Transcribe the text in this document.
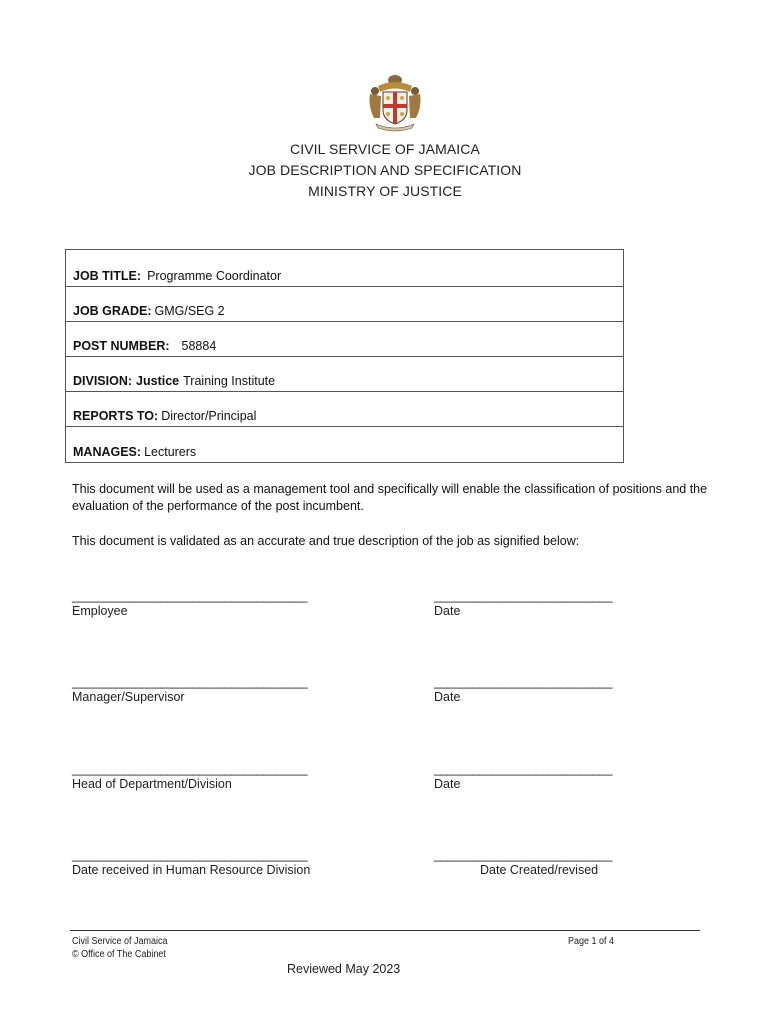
CIVIL SERVICE OF JAMAICA
JOB DESCRIPTION AND SPECIFICATION
MINISTRY OF JUSTICE
JOB TITLE: Programme Coordinator
JOB GRADE: GMG/SEG 2
POST NUMBER: 58884
DIVISION: Justice Training Institute
REPORTS TO: Director/Principal
MANAGES: Lecturers
This document will be used as a management tool and specifically will enable the classification of positions and the evaluation of the performance of the post incumbent.
This document is validated as an accurate and true description of the job as signified below:
_____________________________________	____________________________
Employee	Date
_____________________________________	____________________________
Manager/Supervisor	Date
_____________________________________	____________________________
Head of Department/Division	Date
_____________________________________	____________________________
Date received in Human Resource Division	Date Created/revised
Civil Service of Jamaica
© Office of The Cabinet
Page 1 of 4
Reviewed May 2023
